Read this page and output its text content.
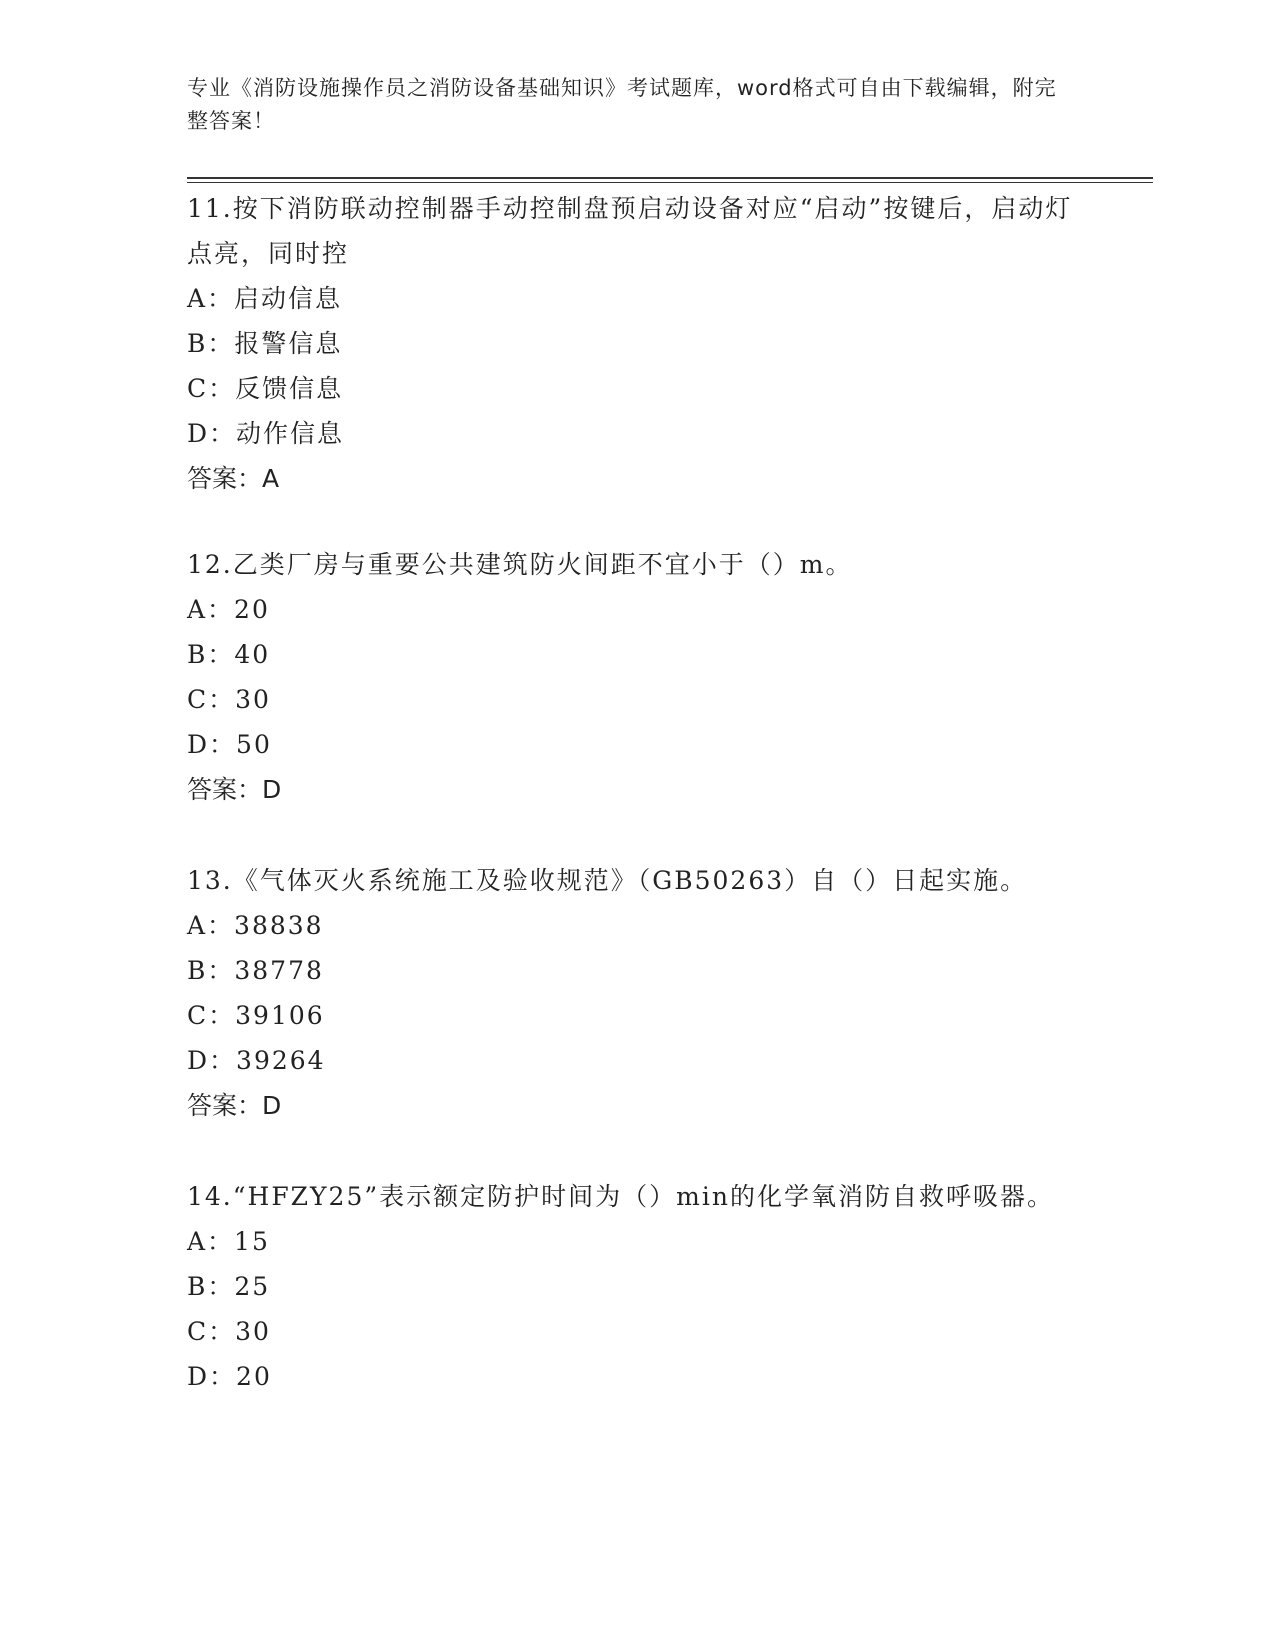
专业《消防设施操作员之消防设备基础知识》考试题库，word格式可自由下载编辑，附完整答案！

11.按下消防联动控制器手动控制盘预启动设备对应“启动”按键后，启动灯点亮，同时控

A：启动信息
B：报警信息
C：反馈信息
D：动作信息
答案：A

12.乙类厂房与重要公共建筑防火间距不宜小于（）m。

A：20
B：40
C：30
D：50
答案：D

13.《气体灭火系统施工及验收规范》（GB50263）自（）日起实施。

A：38838
B：38778
C：39106
D：39264
答案：D

14.“HFZY25”表示额定防护时间为（）min的化学氧消防自救呼吸器。

A：15
B：25
C：30
D：20
